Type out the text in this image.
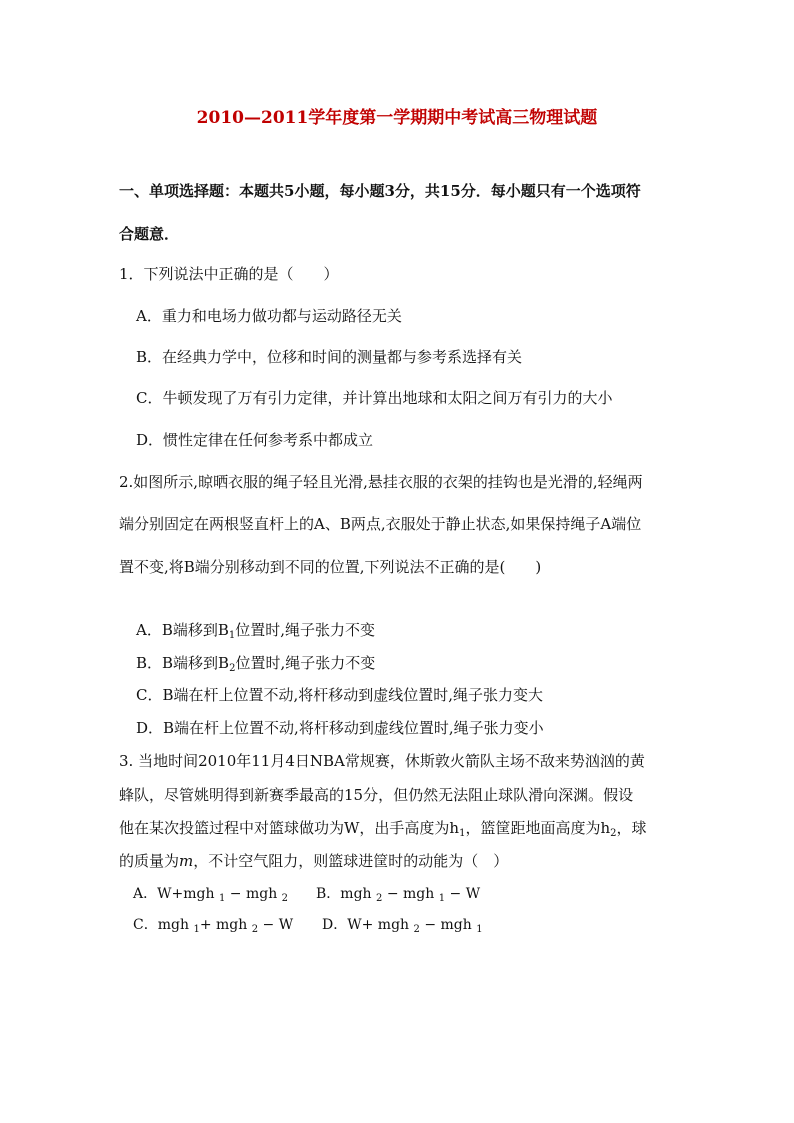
2010—2011学年度第一学期期中考试高三物理试题
一、单项选择题：本题共5小题，每小题3分，共15分．每小题只有一个选项符
合题意．
1．下列说法中正确的是（　　）
A．重力和电场力做功都与运动路径无关
B．在经典力学中，位移和时间的测量都与参考系选择有关
C．牛顿发现了万有引力定律，并计算出地球和太阳之间万有引力的大小
D．惯性定律在任何参考系中都成立
2.如图所示,晾晒衣服的绳子轻且光滑,悬挂衣服的衣架的挂钩也是光滑的,轻绳两
端分别固定在两根竖直杆上的A、B两点,衣服处于静止状态,如果保持绳子A端位
置不变,将B端分别移动到不同的位置,下列说法不正确的是(　　)
A．B端移到$B_1$位置时,绳子张力不变
B．B端移到$B_2$位置时,绳子张力不变
C．B端在杆上位置不动,将杆移动到虚线位置时,绳子张力变大
D．B端在杆上位置不动,将杆移动到虚线位置时,绳子张力变小
3. 当地时间2010年11月4日NBA常规赛，休斯敦火箭队主场不敌来势汹汹的黄
蜂队，尽管姚明得到新赛季最高的15分，但仍然无法阻止球队滑向深渊。假设
他在某次投篮过程中对篮球做功为W，出手高度为$h_1$，篮筐距地面高度为$h_2$，球
的质量为m，不计空气阻力，则篮球进筐时的动能为（　）
A．W+mgh $_1$ − mgh $_2$ B．mgh $_2$ − mgh $_1$ − W
C．mgh $_1$+ mgh $_2$ − W D．W+ mgh $_2$ − mgh $_1$
